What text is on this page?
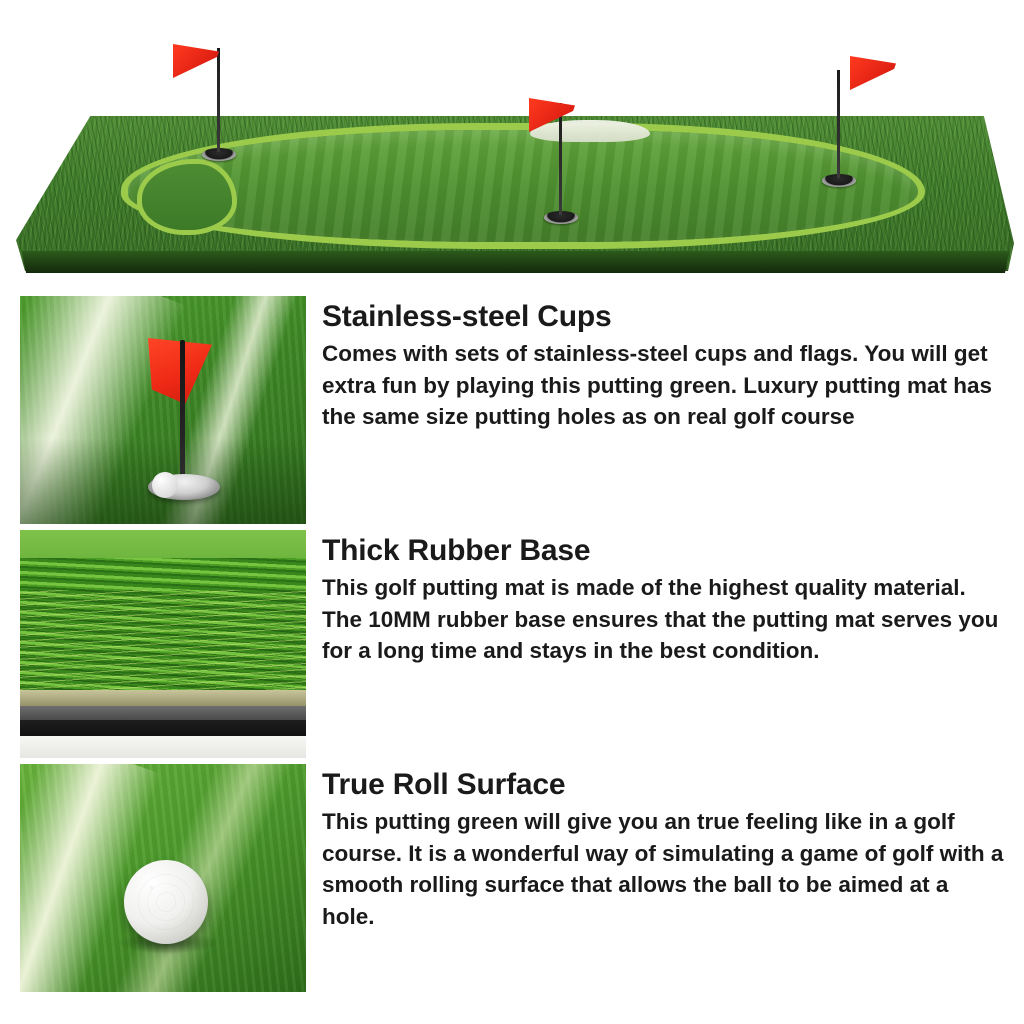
Stainless-steel Cups

Comes with sets of stainless-steel cups and flags. You will get extra fun by playing this putting green. Luxury putting mat has the same size putting holes as on real golf course

Thick Rubber Base

This golf putting mat is made of the highest quality material. The 10MM rubber base ensures that the putting mat serves you for a long time and stays in the best condition.

True Roll Surface

This putting green will give you an true feeling like in a golf course. It is a wonderful way of simulating a game of golf with a smooth rolling surface that allows the ball to be aimed at a hole.
